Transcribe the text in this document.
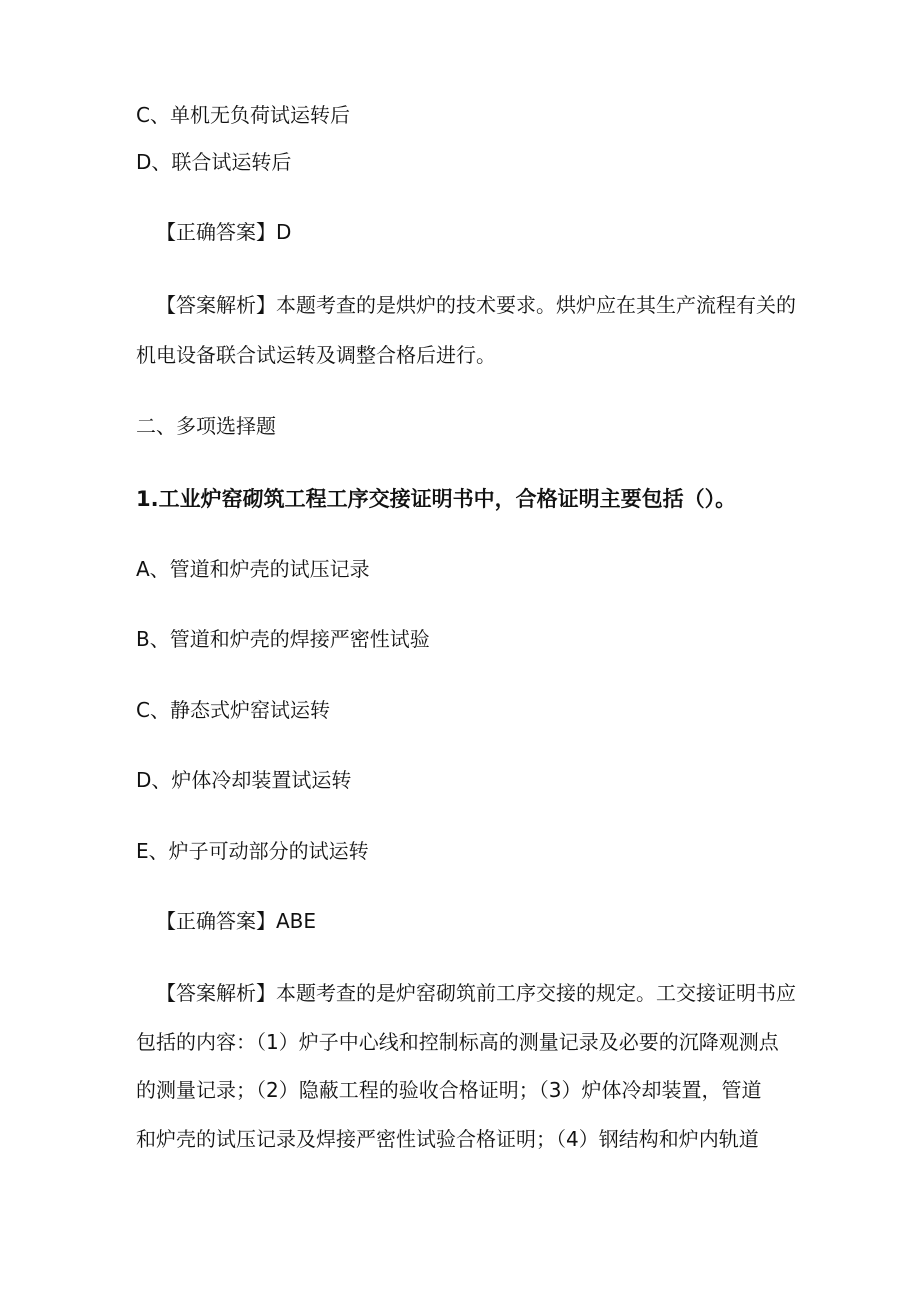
C、单机无负荷试运转后

D、联合试运转后

【正确答案】D

【答案解析】本题考查的是烘炉的技术要求。烘炉应在其生产流程有关的

机电设备联合试运转及调整合格后进行。

二、多项选择题

1.工业炉窑砌筑工程工序交接证明书中，合格证明主要包括（）。

A、管道和炉壳的试压记录

B、管道和炉壳的焊接严密性试验

C、静态式炉窑试运转

D、炉体冷却装置试运转

E、炉子可动部分的试运转

【正确答案】ABE

【答案解析】本题考查的是炉窑砌筑前工序交接的规定。工交接证明书应

包括的内容：（1）炉子中心线和控制标高的测量记录及必要的沉降观测点

的测量记录；（2）隐蔽工程的验收合格证明；（3）炉体冷却装置，管道

和炉壳的试压记录及焊接严密性试验合格证明；（4）钢结构和炉内轨道
